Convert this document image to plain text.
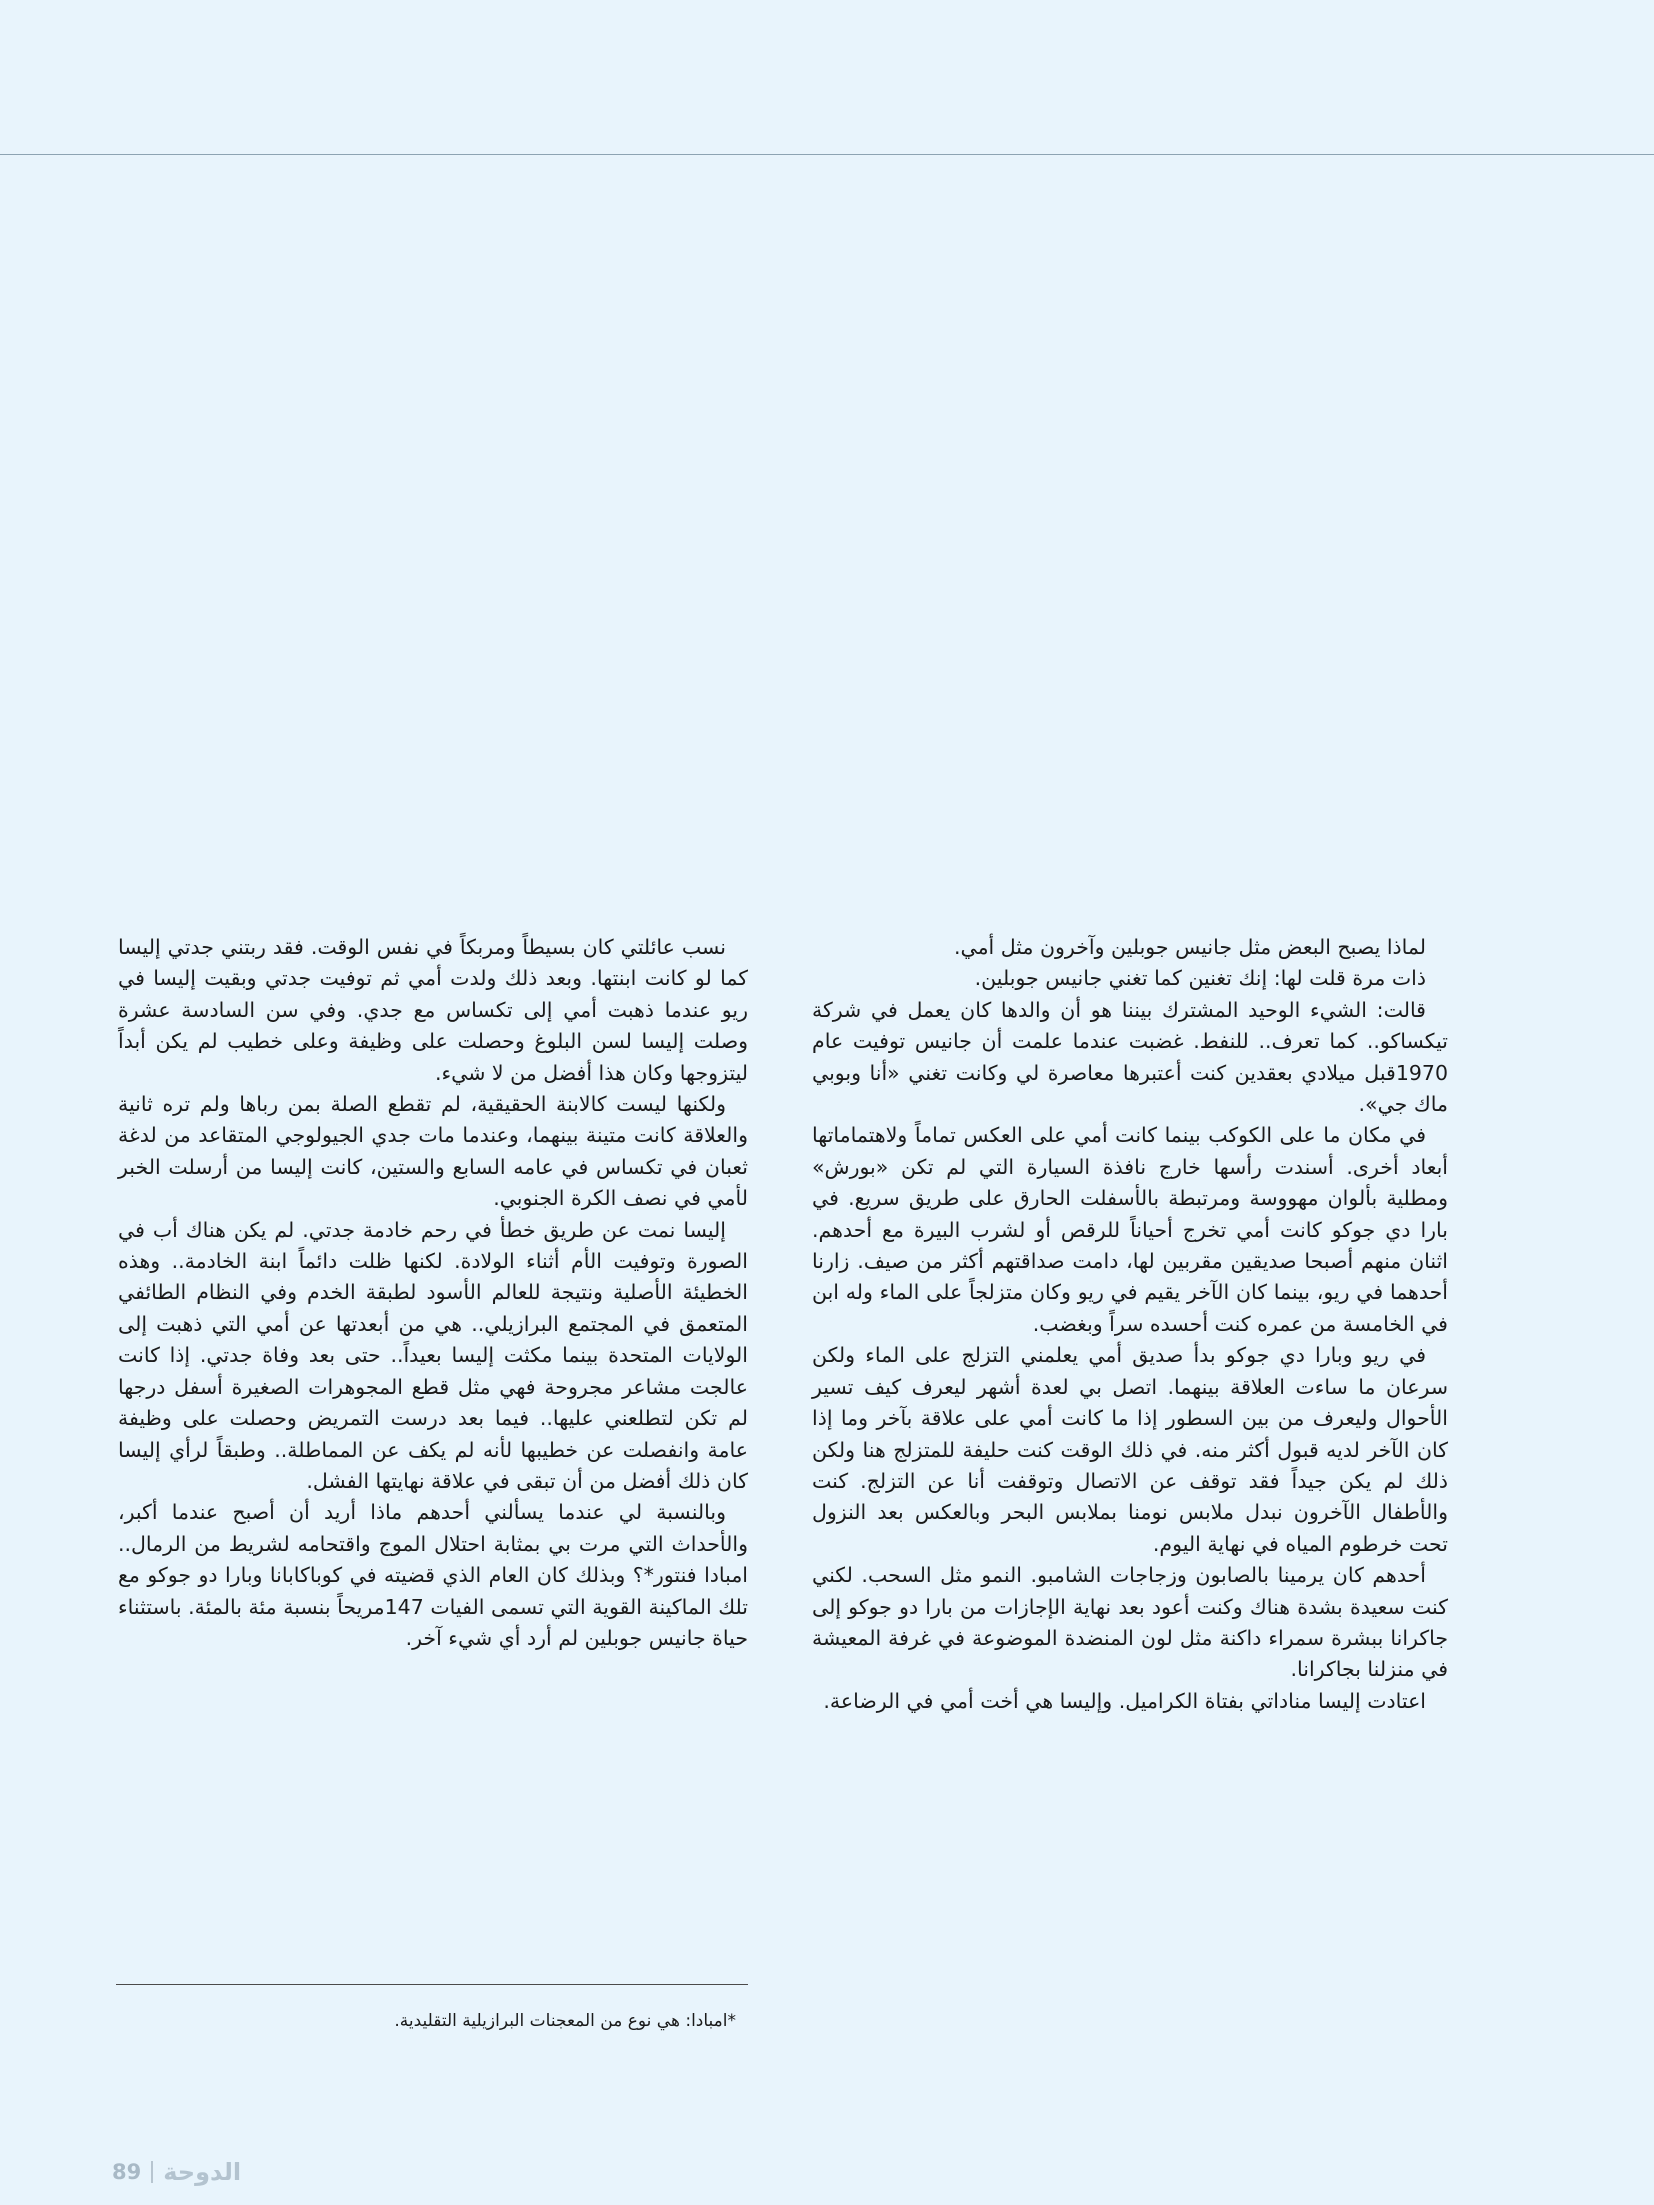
لماذا يصبح البعض مثل جانيس جوبلين وآخرون مثل أمي.

ذات مرة قلت لها: إنك تغنين كما تغني جانيس جوبلين.

قالت: الشيء الوحيد المشترك بيننا هو أن والدها كان يعمل في شركة تيكساكو.. كما تعرف.. للنفط. غضبت عندما علمت أن جانيس توفيت عام 1970قبل ميلادي بعقدين كنت أعتبرها معاصرة لي وكانت تغني «أنا وبوبي ماك جي».

في مكان ما على الكوكب بينما كانت أمي على العكس تماماً ولاهتماماتها أبعاد أخرى. أسندت رأسها خارج نافذة السيارة التي لم تكن «بورش» ومطلية بألوان مهووسة ومرتبطة بالأسفلت الحارق على طريق سريع. في بارا دي جوكو كانت أمي تخرج أحياناً للرقص أو لشرب البيرة مع أحدهم. اثنان منهم أصبحا صديقين مقربين لها، دامت صداقتهم أكثر من صيف. زارنا أحدهما في ريو، بينما كان الآخر يقيم في ريو وكان متزلجاً على الماء وله ابن في الخامسة من عمره كنت أحسده سراً وبغضب.

في ريو وبارا دي جوكو بدأ صديق أمي يعلمني التزلج على الماء ولكن سرعان ما ساءت العلاقة بينهما. اتصل بي لعدة أشهر ليعرف كيف تسير الأحوال وليعرف من بين السطور إذا ما كانت أمي على علاقة بآخر وما إذا كان الآخر لديه قبول أكثر منه. في ذلك الوقت كنت حليفة للمتزلج هنا ولكن ذلك لم يكن جيداً فقد توقف عن الاتصال وتوقفت أنا عن التزلج. كنت والأطفال الآخرون نبدل ملابس نومنا بملابس البحر وبالعكس بعد النزول تحت خرطوم المياه في نهاية اليوم.

أحدهم كان يرمينا بالصابون وزجاجات الشامبو. النمو مثل السحب. لكني كنت سعيدة بشدة هناك وكنت أعود بعد نهاية الإجازات من بارا دو جوكو إلى جاكرانا ببشرة سمراء داكنة مثل لون المنضدة الموضوعة في غرفة المعيشة في منزلنا بجاكرانا.

اعتادت إليسا مناداتي بفتاة الكراميل. وإليسا هي أخت أمي في الرضاعة.

نسب عائلتي كان بسيطاً ومربكاً في نفس الوقت. فقد ربتني جدتي إليسا كما لو كانت ابنتها. وبعد ذلك ولدت أمي ثم توفيت جدتي وبقيت إليسا في ريو عندما ذهبت أمي إلى تكساس مع جدي. وفي سن السادسة عشرة وصلت إليسا لسن البلوغ وحصلت على وظيفة وعلى خطيب لم يكن أبداً ليتزوجها وكان هذا أفضل من لا شيء.

ولكنها ليست كالابنة الحقيقية، لم تقطع الصلة بمن رباها ولم تره ثانية والعلاقة كانت متينة بينهما، وعندما مات جدي الجيولوجي المتقاعد من لدغة ثعبان في تكساس في عامه السابع والستين، كانت إليسا من أرسلت الخبر لأمي في نصف الكرة الجنوبي.

إليسا نمت عن طريق خطأ في رحم خادمة جدتي. لم يكن هناك أب في الصورة وتوفيت الأم أثناء الولادة. لكنها ظلت دائماً ابنة الخادمة.. وهذه الخطيئة الأصلية ونتيجة للعالم الأسود لطبقة الخدم وفي النظام الطائفي المتعمق في المجتمع البرازيلي.. هي من أبعدتها عن أمي التي ذهبت إلى الولايات المتحدة بينما مكثت إليسا بعيداً.. حتى بعد وفاة جدتي. إذا كانت عالجت مشاعر مجروحة فهي مثل قطع المجوهرات الصغيرة أسفل درجها لم تكن لتطلعني عليها.. فيما بعد درست التمريض وحصلت على وظيفة عامة وانفصلت عن خطيبها لأنه لم يكف عن المماطلة.. وطبقاً لرأي إليسا كان ذلك أفضل من أن تبقى في علاقة نهايتها الفشل.

وبالنسبة لي عندما يسألني أحدهم ماذا أريد أن أصبح عندما أكبر، والأحداث التي مرت بي بمثابة احتلال الموج واقتحامه لشريط من الرمال.. امبادا فنتور*؟ وبذلك كان العام الذي قضيته في كوباكابانا وبارا دو جوكو مع تلك الماكينة القوية التي تسمى الفيات 147مريحاً بنسبة مئة بالمئة. باستثناء حياة جانيس جوبلين لم أرد أي شيء آخر.

*امبادا: هي نوع من المعجنات البرازيلية التقليدية.
89 الدوحة
